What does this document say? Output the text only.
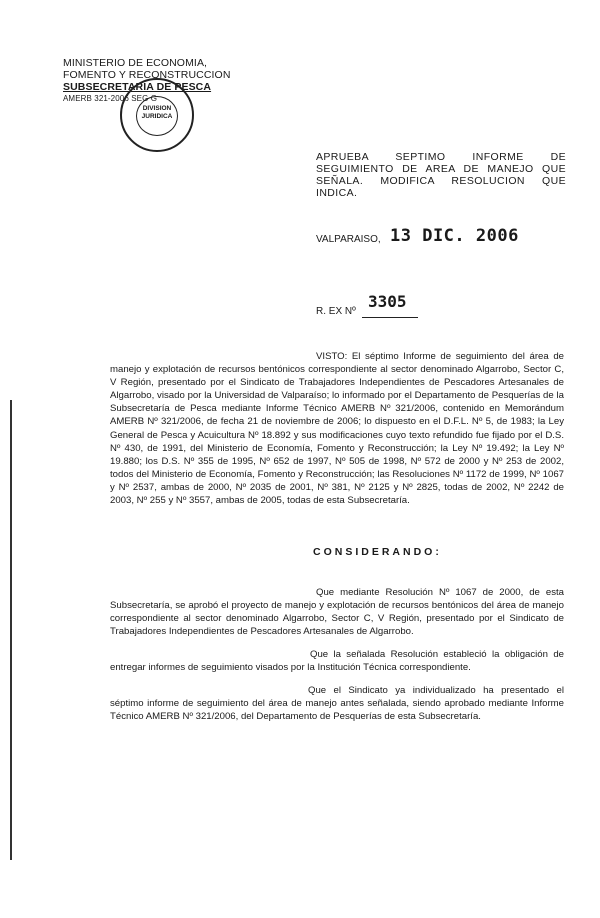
MINISTERIO DE ECONOMIA,
FOMENTO Y RECONSTRUCCION
SUBSECRETARIA DE PESCA
AMERB 321-2006 SEG G
DIVISION JURIDICA
APRUEBA SEPTIMO INFORME DE SEGUIMIENTO DE AREA DE MANEJO QUE SEÑALA. MODIFICA RESOLUCION QUE INDICA.
VALPARAISO, 13 DIC. 2006
R. EX Nº
3305

VISTO: El séptimo Informe de seguimiento del área de manejo y explotación de recursos bentónicos correspondiente al sector denominado Algarrobo, Sector C, V Región, presentado por el Sindicato de Trabajadores Independientes de Pescadores Artesanales de Algarrobo, visado por la Universidad de Valparaíso; lo informado por el Departamento de Pesquerías de la Subsecretaría de Pesca mediante Informe Técnico AMERB Nº 321/2006, contenido en Memorándum AMERB Nº 321/2006, de fecha 21 de noviembre de 2006; lo dispuesto en el D.F.L. Nº 5, de 1983; la Ley General de Pesca y Acuicultura Nº 18.892 y sus modificaciones cuyo texto refundido fue fijado por el D.S. Nº 430, de 1991, del Ministerio de Economía, Fomento y Reconstrucción; la Ley Nº 19.492; la Ley Nº 19.880; los D.S. Nº 355 de 1995, Nº 652 de 1997, Nº 505 de 1998, Nº 572 de 2000 y Nº 253 de 2002, todos del Ministerio de Economía, Fomento y Reconstrucción; las Resoluciones Nº 1172 de 1999, Nº 1067 y Nº 2537, ambas de 2000, Nº 2035 de 2001, Nº 381, Nº 2125 y Nº 2825, todas de 2002, Nº 2242 de 2003, Nº 255 y Nº 3557, ambas de 2005, todas de esta Subsecretaría.

CONSIDERANDO:

Que mediante Resolución Nº 1067 de 2000, de esta Subsecretaría, se aprobó el proyecto de manejo y explotación de recursos bentónicos del área de manejo correspondiente al sector denominado Algarrobo, Sector C, V Región, presentado por el Sindicato de Trabajadores Independientes de Pescadores Artesanales de Algarrobo.

Que la señalada Resolución estableció la obligación de entregar informes de seguimiento visados por la Institución Técnica correspondiente.

Que el Sindicato ya individualizado ha presentado el séptimo informe de seguimiento del área de manejo antes señalada, siendo aprobado mediante Informe Técnico AMERB Nº 321/2006, del Departamento de Pesquerías de esta Subsecretaría.
